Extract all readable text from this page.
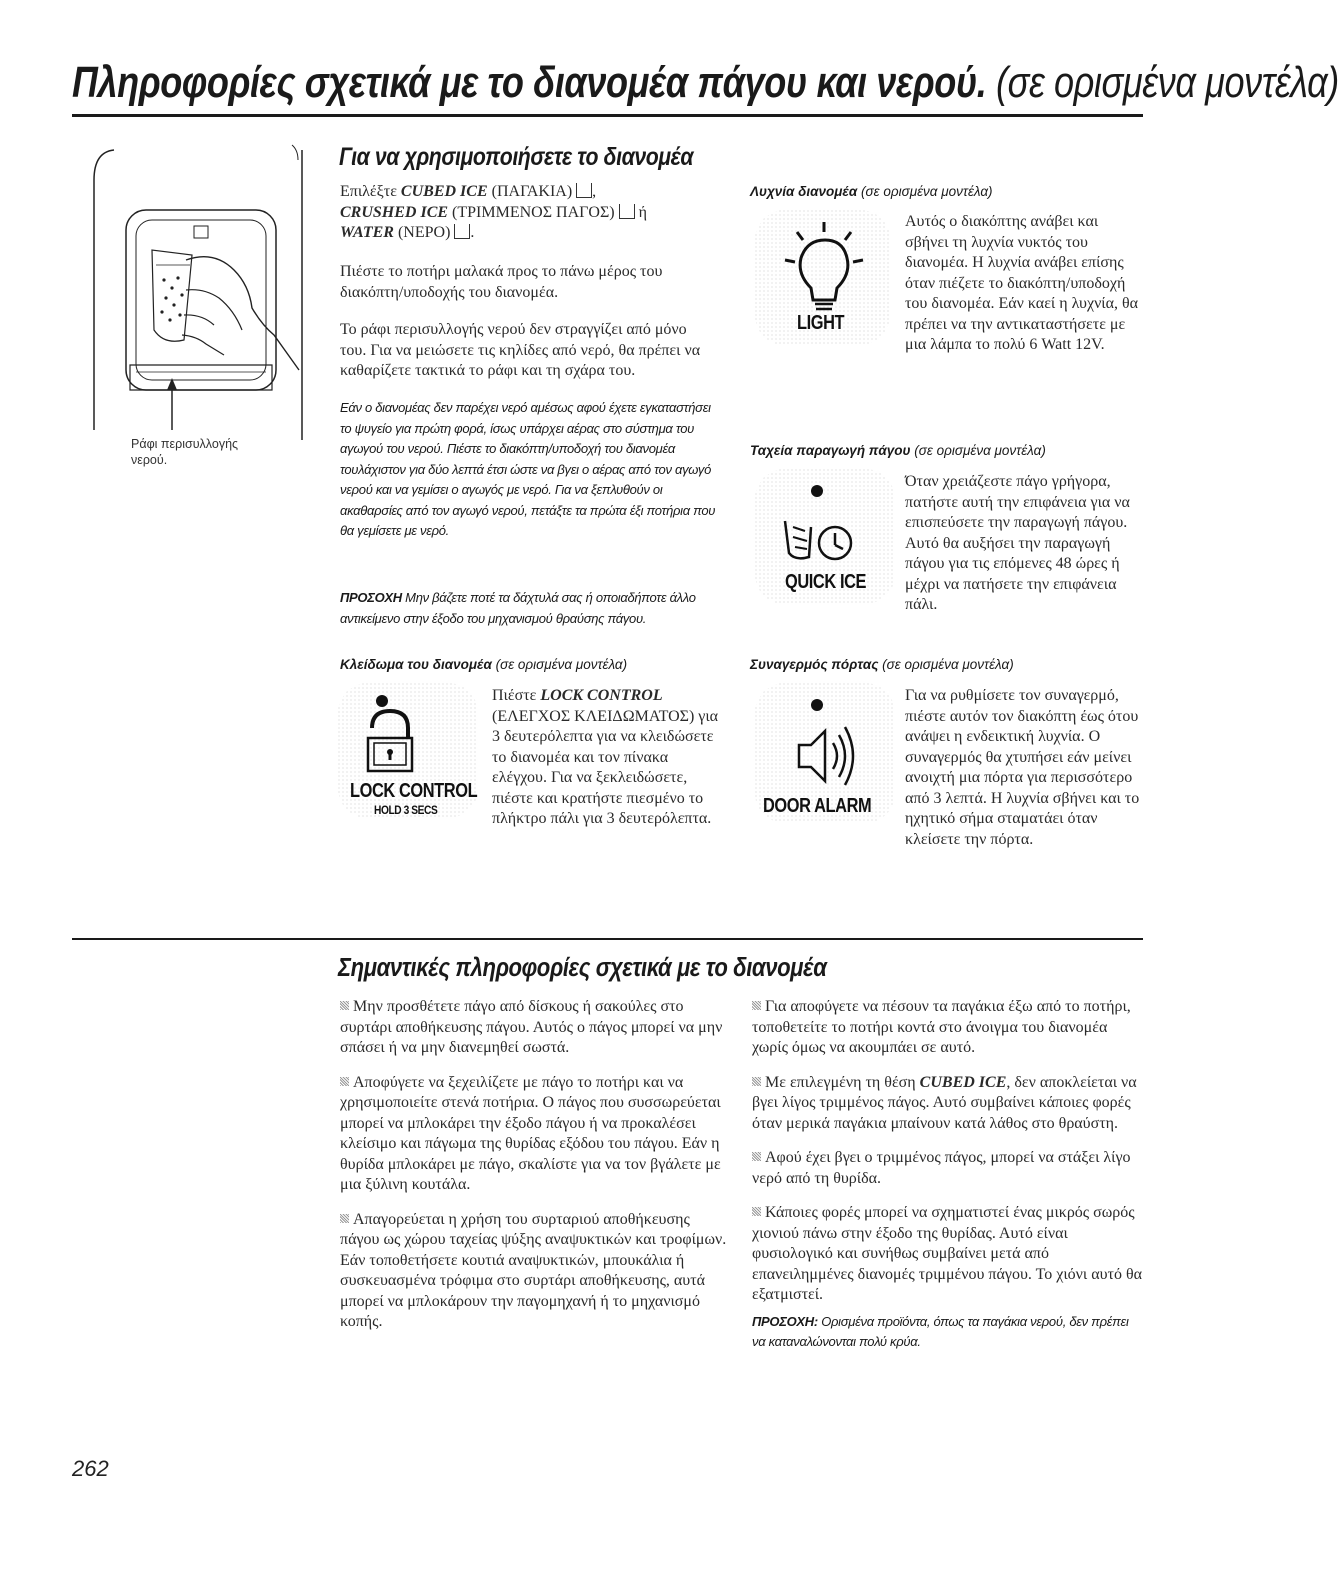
Πληροφορίες σχετικά με το διανομέα πάγου και νερού. (σε ορισμένα μοντέλα)
Ράφι περισυλλογής
νερού.
Για να χρησιμοποιήσετε το διανομέα
Επιλέξτε CUBED ICE (ΠΑΓΑΚΙΑ) ,
CRUSHED ICE (ΤΡΙΜΜΕΝΟΣ ΠΑΓΟΣ)  ή
WATER (ΝΕΡΟ) .
Πιέστε το ποτήρι μαλακά προς το πάνω μέρος του διακόπτη/υποδοχής του διανομέα.
Το ράφι περισυλλογής νερού δεν στραγγίζει από μόνο του. Για να μειώσετε τις κηλίδες από νερό, θα πρέπει να καθαρίζετε τακτικά το ράφι και τη σχάρα του.
Εάν ο διανομέας δεν παρέχει νερό αμέσως αφού έχετε εγκαταστήσει το ψυγείο για πρώτη φορά, ίσως υπάρχει αέρας στο σύστημα του αγωγού του νερού. Πιέστε το διακόπτη/υποδοχή του διανομέα τουλάχιστον για δύο λεπτά έτσι ώστε να βγει ο αέρας από τον αγωγό νερού και να γεμίσει ο αγωγός με νερό. Για να ξεπλυθούν οι ακαθαρσίες από τον αγωγό νερού, πετάξτε τα πρώτα έξι ποτήρια που θα γεμίσετε με νερό.
ΠΡΟΣΟΧΗ Μην βάζετε ποτέ τα δάχτυλά σας ή οποιαδήποτε άλλο αντικείμενο στην έξοδο του μηχανισμού θραύσης πάγου.
Κλείδωμα του διανομέα (σε ορισμένα μοντέλα)
LOCK CONTROL
HOLD 3 SECS
Πιέστε LOCK CONTROL (ΕΛΕΓΧΟΣ ΚΛΕΙΔΩΜΑΤΟΣ) για 3 δευτερόλεπτα για να κλειδώσετε το διανομέα και τον πίνακα ελέγχου. Για να ξεκλειδώσετε, πιέστε και κρατήστε πιεσμένο το πλήκτρο πάλι για 3 δευτερόλεπτα.
Λυχνία διανομέα (σε ορισμένα μοντέλα)
LIGHT
Αυτός ο διακόπτης ανάβει και σβήνει τη λυχνία νυκτός του διανομέα. Η λυχνία ανάβει επίσης όταν πιέζετε το διακόπτη/υποδοχή του διανομέα. Εάν καεί η λυχνία, θα πρέπει να την αντικαταστήσετε με μια λάμπα το πολύ 6 Watt 12V.
Ταχεία παραγωγή πάγου (σε ορισμένα μοντέλα)
QUICK ICE
Όταν χρειάζεστε πάγο γρήγορα, πατήστε αυτή την επιφάνεια για να επισπεύσετε την παραγωγή πάγου. Αυτό θα αυξήσει την παραγωγή πάγου για τις επόμενες 48 ώρες ή μέχρι να πατήσετε την επιφάνεια πάλι.
Συναγερμός πόρτας (σε ορισμένα μοντέλα)
DOOR ALARM
Για να ρυθμίσετε τον συναγερμό, πιέστε αυτόν τον διακόπτη έως ότου ανάψει η ενδεικτική λυχνία. Ο συναγερμός θα χτυπήσει εάν μείνει ανοιχτή μια πόρτα για περισσότερο από 3 λεπτά. Η λυχνία σβήνει και το ηχητικό σήμα σταματάει όταν κλείσετε την πόρτα.
Σημαντικές πληροφορίες σχετικά με το διανομέα

Μην προσθέτετε πάγο από δίσκους ή σακούλες στο συρτάρι αποθήκευσης πάγου. Αυτός ο πάγος μπορεί να μην σπάσει ή να μην διανεμηθεί σωστά.

Αποφύγετε να ξεχειλίζετε με πάγο το ποτήρι και να χρησιμοποιείτε στενά ποτήρια. Ο πάγος που συσσωρεύεται μπορεί να μπλοκάρει την έξοδο πάγου ή να προκαλέσει κλείσιμο και πάγωμα της θυρίδας εξόδου του πάγου. Εάν η θυρίδα μπλοκάρει με πάγο, σκαλίστε για να τον βγάλετε με μια ξύλινη κουτάλα.

Απαγορεύεται η χρήση του συρταριού αποθήκευσης πάγου ως χώρου ταχείας ψύξης αναψυκτικών και τροφίμων. Εάν τοποθετήσετε κουτιά αναψυκτικών, μπουκάλια ή συσκευασμένα τρόφιμα στο συρτάρι αποθήκευσης, αυτά μπορεί να μπλοκάρουν την παγομηχανή ή το μηχανισμό κοπής.

Για αποφύγετε να πέσουν τα παγάκια έξω από το ποτήρι, τοποθετείτε το ποτήρι κοντά στο άνοιγμα του διανομέα χωρίς όμως να ακουμπάει σε αυτό.

Με επιλεγμένη τη θέση CUBED ICE, δεν αποκλείεται να βγει λίγος τριμμένος πάγος. Αυτό συμβαίνει κάποιες φορές όταν μερικά παγάκια μπαίνουν κατά λάθος στο θραύστη.

Αφού έχει βγει ο τριμμένος πάγος, μπορεί να στάξει λίγο νερό από τη θυρίδα.

Κάποιες φορές μπορεί να σχηματιστεί ένας μικρός σωρός χιονιού πάνω στην έξοδο της θυρίδας. Αυτό είναι φυσιολογικό και συνήθως συμβαίνει μετά από επανειλημμένες διανομές τριμμένου πάγου. Το χιόνι αυτό θα εξατμιστεί.

ΠΡΟΣΟΧΗ: Ορισμένα προϊόντα, όπως τα παγάκια νερού, δεν πρέπει να καταναλώνονται πολύ κρύα.

262
